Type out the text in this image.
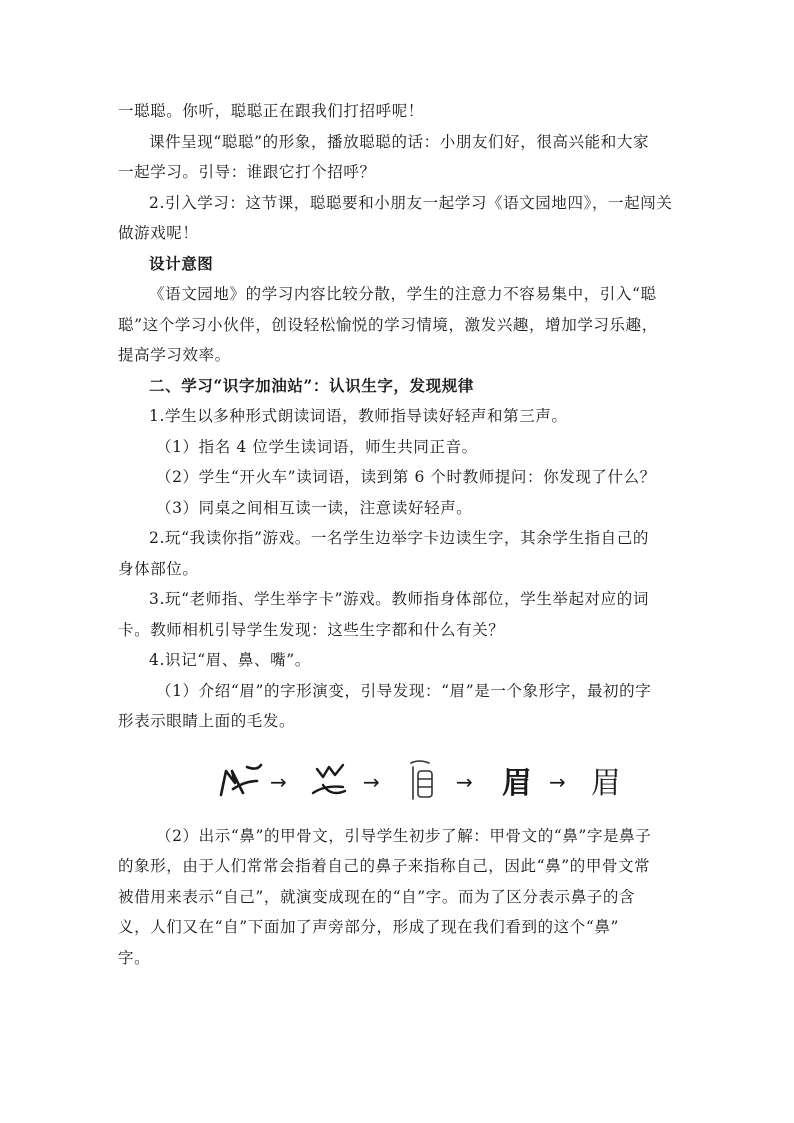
一聪聪。你听，聪聪正在跟我们打招呼呢！

课件呈现“聪聪”的形象，播放聪聪的话：小朋友们好，很高兴能和大家

一起学习。引导：谁跟它打个招呼？

2.引入学习：这节课，聪聪要和小朋友一起学习《语文园地四》，一起闯关

做游戏呢！

设计意图

《语文园地》的学习内容比较分散，学生的注意力不容易集中，引入“聪

聪”这个学习小伙伴，创设轻松愉悦的学习情境，激发兴趣，增加学习乐趣，

提高学习效率。

二、学习“识字加油站”：认识生字，发现规律

1.学生以多种形式朗读词语，教师指导读好轻声和第三声。

（1）指名 4 位学生读词语，师生共同正音。

（2）学生“开火车”读词语，读到第 6 个时教师提问：你发现了什么？

（3）同桌之间相互读一读，注意读好轻声。

2.玩“我读你指”游戏。一名学生边举字卡边读生字，其余学生指自己的

身体部位。

3.玩“老师指、学生举字卡”游戏。教师指身体部位，学生举起对应的词

卡。教师相机引导学生发现：这些生字都和什么有关？

4.识记“眉、鼻、嘴”。

（1）介绍“眉”的字形演变，引导发现：“眉”是一个象形字，最初的字

形表示眼睛上面的毛发。

→	→	→ 眉 → 眉

（2）出示“鼻”的甲骨文，引导学生初步了解：甲骨文的“鼻”字是鼻子

的象形，由于人们常常会指着自己的鼻子来指称自己，因此“鼻”的甲骨文常

被借用来表示“自己”，就演变成现在的“自”字。而为了区分表示鼻子的含

义，人们又在“自”下面加了声旁部分，形成了现在我们看到的这个“鼻”

字。
